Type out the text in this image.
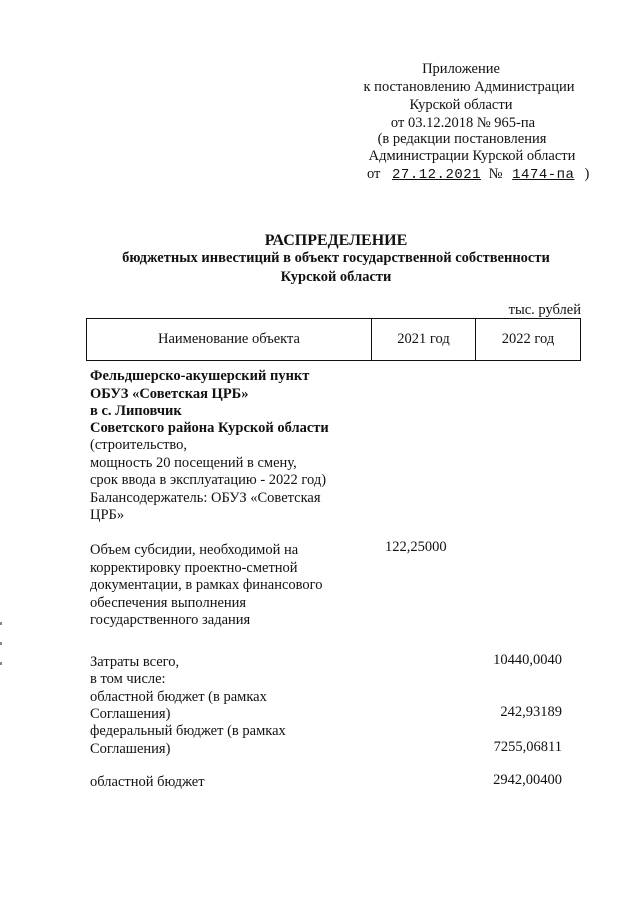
Приложение
к постановлению Администрации
Курской области
от 03.12.2018 № 965-па
(в редакции постановления
Администрации Курской области
от 27.12.2021 № 1474-па )
РАСПРЕДЕЛЕНИЕ
бюджетных инвестиций в объект государственной собственности
Курской области
тыс. рублей
Наименование объекта	2021 год	2022 год
Фельдшерско-акушерский пункт
ОБУЗ «Советская ЦРБ»
в с. Липовчик
Советского района Курской области
(строительство,
мощность 20 посещений в смену,
срок ввода в эксплуатацию - 2022 год)
Балансодержатель: ОБУЗ «Советская
ЦРБ»
Объем субсидии, необходимой на
корректировку проектно-сметной
документации, в рамках финансового
обеспечения выполнения
государственного задания
122,25000
Затраты всего,
в том числе:
областной бюджет (в рамках
Соглашения)
федеральный бюджет (в рамках
Соглашения)
областной бюджет
10440,0040
242,93189
7255,06811
2942,00400
